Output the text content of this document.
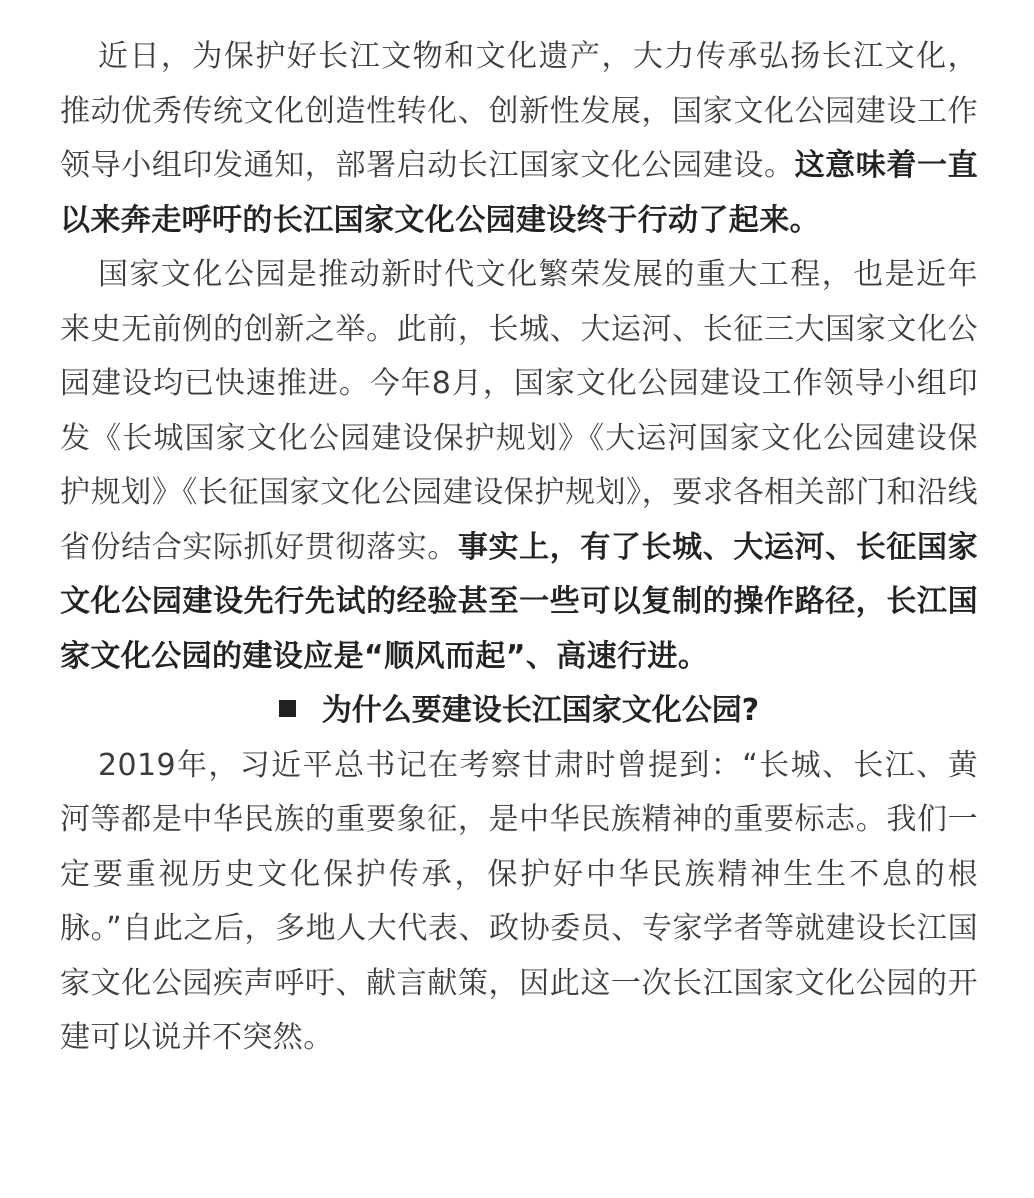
近日，为保护好长江文物和文化遗产，大力传承弘扬长江文化，推动优秀传统文化创造性转化、创新性发展，国家文化公园建设工作领导小组印发通知，部署启动长江国家文化公园建设。这意味着一直以来奔走呼吁的长江国家文化公园建设终于行动了起来。

国家文化公园是推动新时代文化繁荣发展的重大工程，也是近年来史无前例的创新之举。此前，长城、大运河、长征三大国家文化公园建设均已快速推进。今年8月，国家文化公园建设工作领导小组印发《长城国家文化公园建设保护规划》《大运河国家文化公园建设保护规划》《长征国家文化公园建设保护规划》，要求各相关部门和沿线省份结合实际抓好贯彻落实。事实上，有了长城、大运河、长征国家文化公园建设先行先试的经验甚至一些可以复制的操作路径，长江国家文化公园的建设应是“顺风而起”、高速行进。

为什么要建设长江国家文化公园?

2019年，习近平总书记在考察甘肃时曾提到：“长城、长江、黄河等都是中华民族的重要象征，是中华民族精神的重要标志。我们一定要重视历史文化保护传承，保护好中华民族精神生生不息的根脉。”自此之后，多地人大代表、政协委员、专家学者等就建设长江国家文化公园疾声呼吁、献言献策，因此这一次长江国家文化公园的开建可以说并不突然。
